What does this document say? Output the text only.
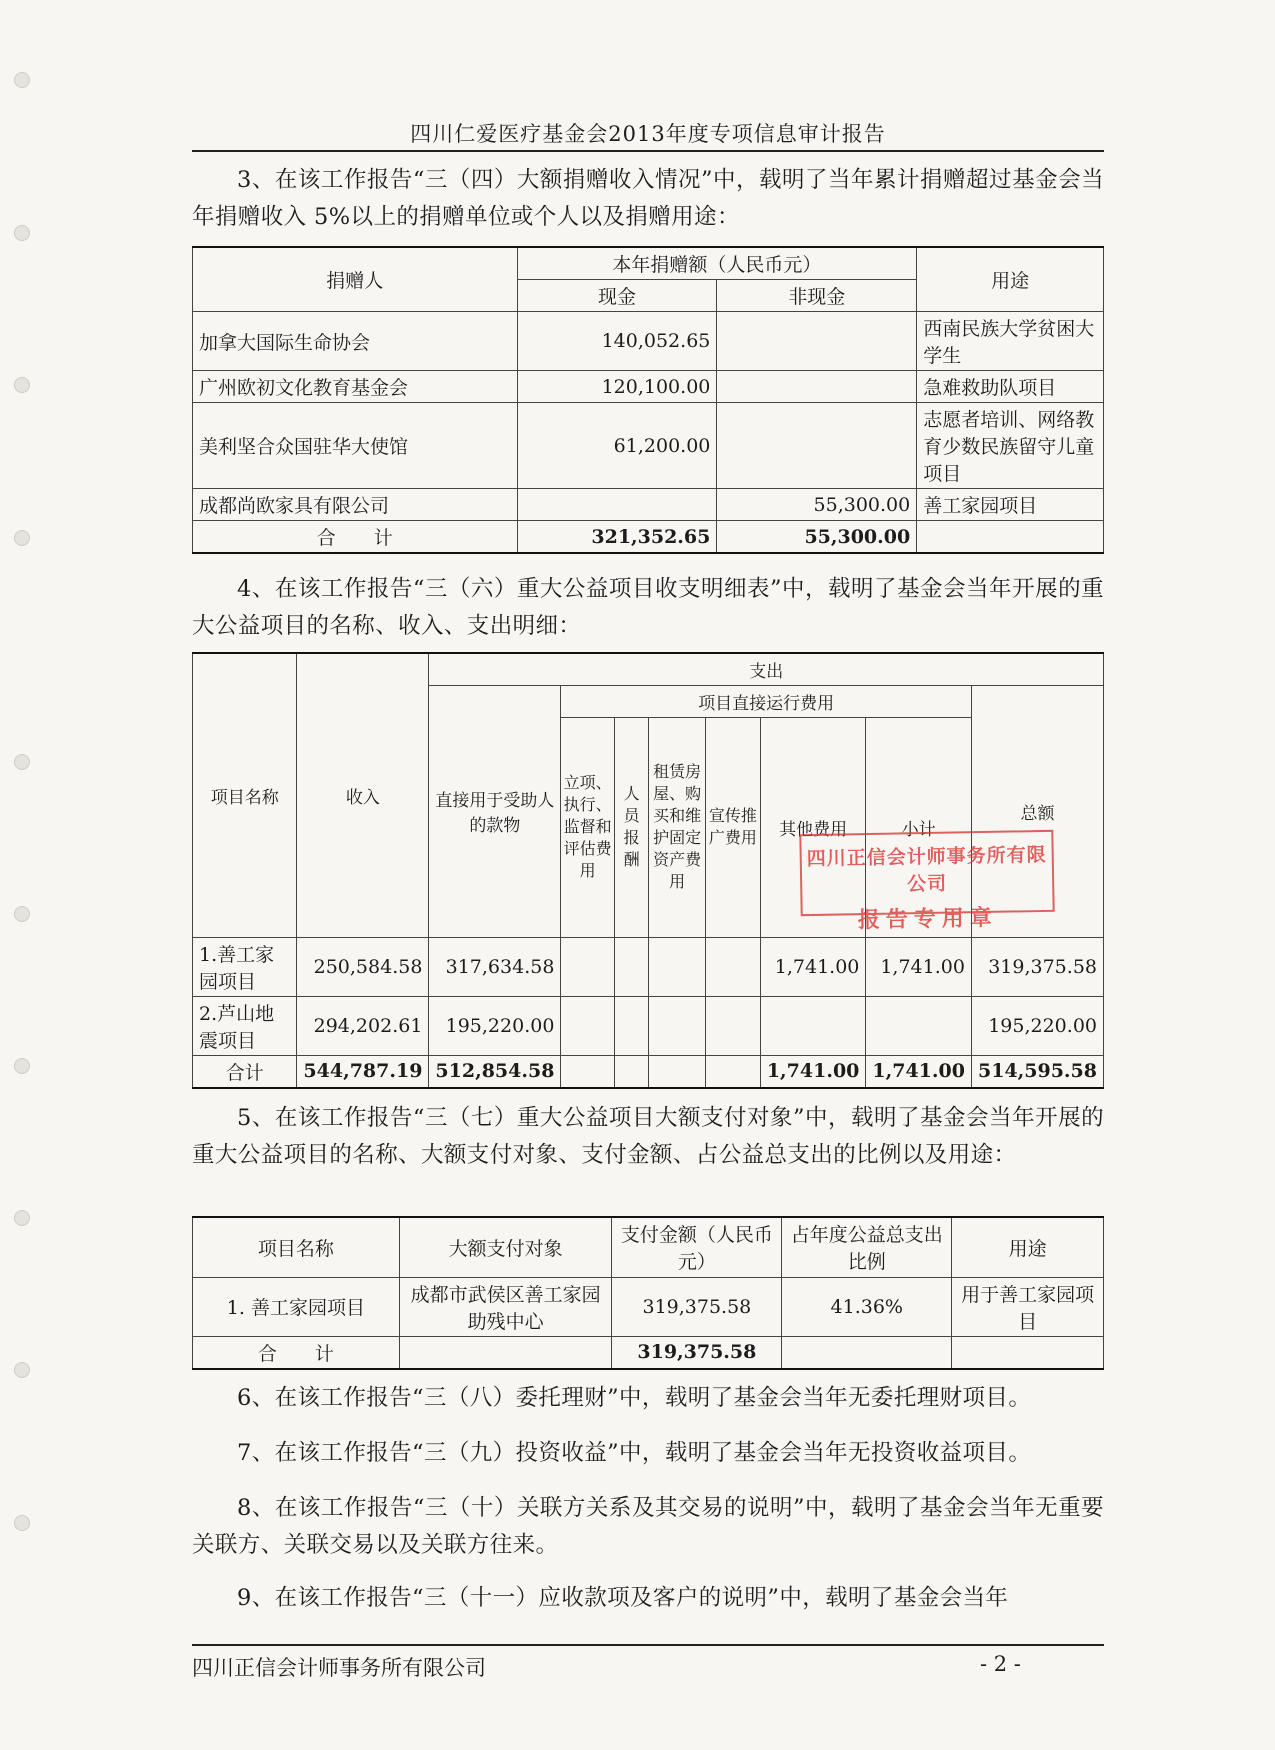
四川仁爱医疗基金会2013年度专项信息审计报告

3、在该工作报告“三（四）大额捐赠收入情况”中，载明了当年累计捐赠超过基金会当年捐赠收入 5%以上的捐赠单位或个人以及捐赠用途：

捐赠人	本年捐赠额（人民币元）		用途
	现金	非现金	
加拿大国际生命协会	140,052.65		西南民族大学贫困大学生
广州欧初文化教育基金会	120,100.00		急难救助队项目
美利坚合众国驻华大使馆	61,200.00		志愿者培训、网络教育少数民族留守儿童项目
成都尚欧家具有限公司		55,300.00	善工家园项目
合　　计	321,352.65	55,300.00	

4、在该工作报告“三（六）重大公益项目收支明细表”中，载明了基金会当年开展的重大公益项目的名称、收入、支出明细：

项目名称	收入	支出							
		直接用于受助人的款物	项目直接运行费用						总额
			立项、执行、监督和评估费用	人员报酬	租赁房屋、购买和维护固定资产费用	宣传推广费用	其他费用	小计	
1.善工家园项目	250,584.58	317,634.58					1,741.00	1,741.00	319,375.58
2.芦山地震项目	294,202.61	195,220.00							195,220.00
合计	544,787.19	512,854.58					1,741.00	1,741.00	514,595.58
四川正信会计师事务所有限公司
报告专用章

5、在该工作报告“三（七）重大公益项目大额支付对象”中，载明了基金会当年开展的重大公益项目的名称、大额支付对象、支付金额、占公益总支出的比例以及用途：

项目名称	大额支付对象	支付金额（人民币元）	占年度公益总支出比例	用途
1. 善工家园项目	成都市武侯区善工家园助残中心	319,375.58	41.36%	用于善工家园项目
合　　计		319,375.58		

6、在该工作报告“三（八）委托理财”中，载明了基金会当年无委托理财项目。

7、在该工作报告“三（九）投资收益”中，载明了基金会当年无投资收益项目。

8、在该工作报告“三（十）关联方关系及其交易的说明”中，载明了基金会当年无重要关联方、关联交易以及关联方往来。

9、在该工作报告“三（十一）应收款项及客户的说明”中，载明了基金会当年

四川正信会计师事务所有限公司	- 2 -
